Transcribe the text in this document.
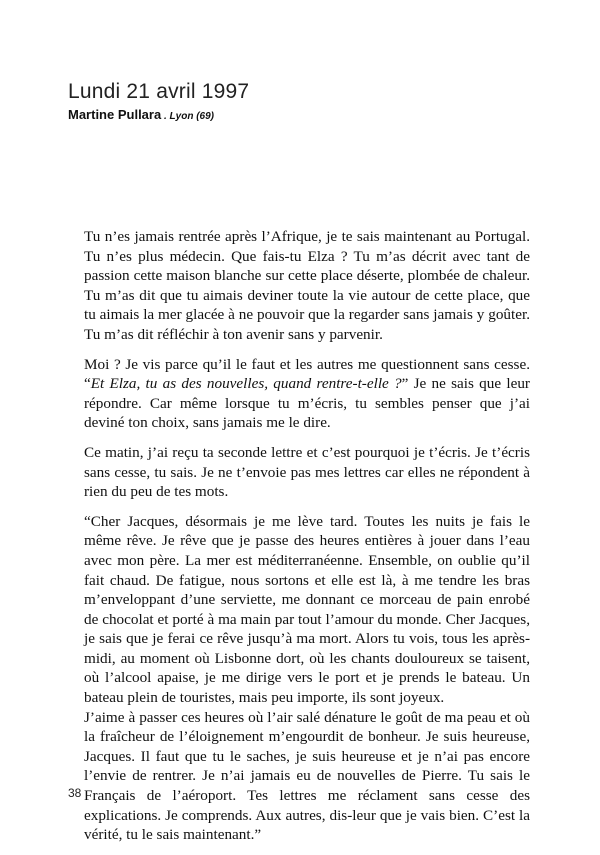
Lundi 21 avril 1997
Martine Pullara . Lyon (69)

Tu n’es jamais rentrée après l’Afrique, je te sais maintenant au Portugal. Tu n’es plus médecin. Que fais-tu Elza ? Tu m’as décrit avec tant de passion cette maison blanche sur cette place déserte, plombée de chaleur. Tu m’as dit que tu aimais deviner toute la vie autour de cette place, que tu aimais la mer glacée à ne pouvoir que la regarder sans jamais y goûter. Tu m’as dit réfléchir à ton avenir sans y parvenir.

Moi ? Je vis parce qu’il le faut et les autres me questionnent sans cesse. “Et Elza, tu as des nouvelles, quand rentre-t-elle ?” Je ne sais que leur répondre. Car même lorsque tu m’écris, tu sembles penser que j’ai deviné ton choix, sans jamais me le dire.

Ce matin, j’ai reçu ta seconde lettre et c’est pourquoi je t’écris. Je t’écris sans cesse, tu sais. Je ne t’envoie pas mes lettres car elles ne répondent à rien du peu de tes mots.

“Cher Jacques, désormais je me lève tard. Toutes les nuits je fais le même rêve. Je rêve que je passe des heures entières à jouer dans l’eau avec mon père. La mer est méditerranéenne. Ensemble, on oublie qu’il fait chaud. De fatigue, nous sortons et elle est là, à me tendre les bras m’enveloppant d’une serviette, me donnant ce morceau de pain enrobé de chocolat et porté à ma main par tout l’amour du monde. Cher Jacques, je sais que je ferai ce rêve jusqu’à ma mort. Alors tu vois, tous les après-midi, au moment où Lisbonne dort, où les chants douloureux se taisent, où l’alcool apaise, je me dirige vers le port et je prends le bateau. Un bateau plein de touristes, mais peu importe, ils sont joyeux.

J’aime à passer ces heures où l’air salé dénature le goût de ma peau et où la fraîcheur de l’éloignement m’engourdit de bonheur. Je suis heureuse, Jacques. Il faut que tu le saches, je suis heureuse et je n’ai pas encore l’envie de rentrer. Je n’ai jamais eu de nouvelles de Pierre. Tu sais le Français de l’aéroport. Tes lettres me réclament sans cesse des explications. Je comprends. Aux autres, dis-leur que je vais bien. C’est la vérité, tu le sais maintenant.”

38
